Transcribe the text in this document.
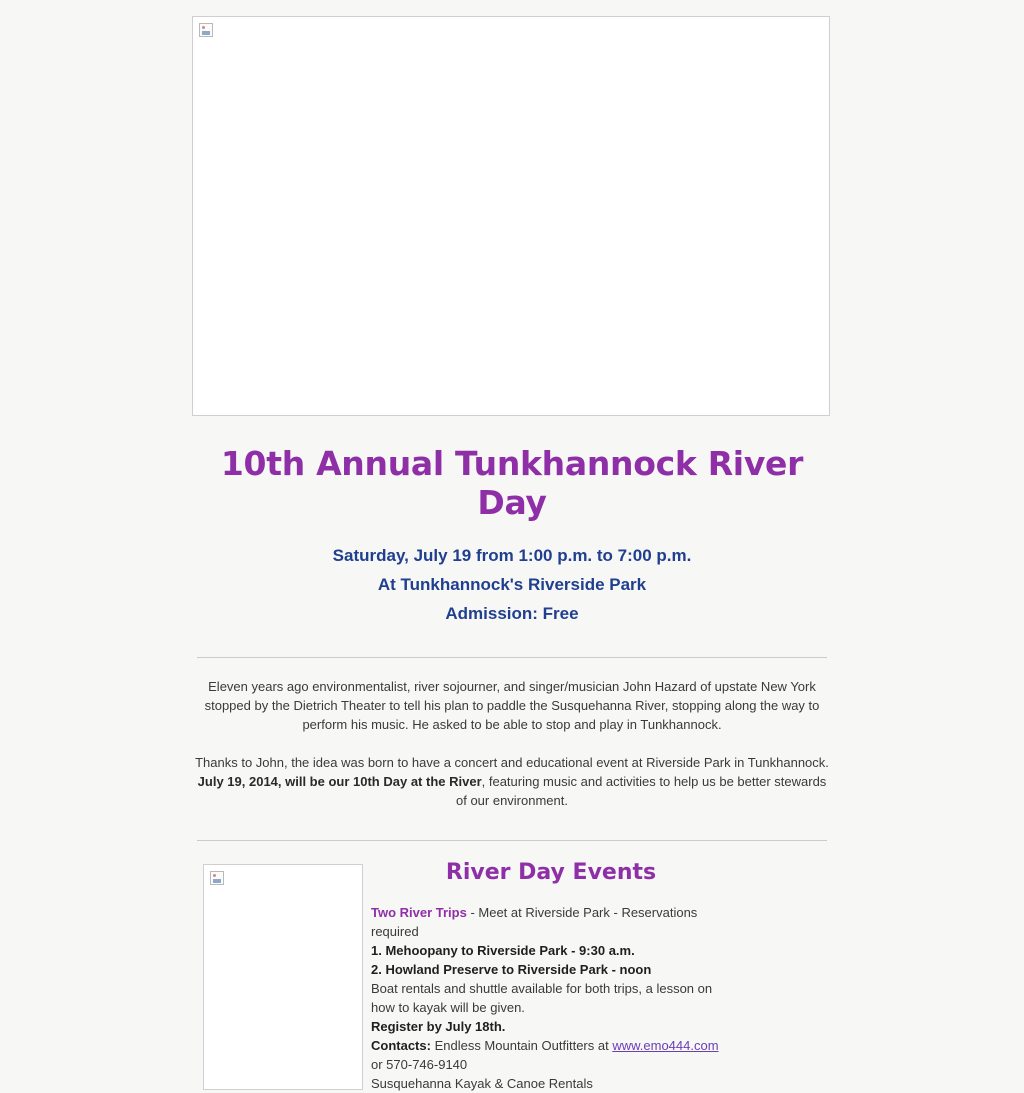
10th Annual Tunkhannock River Day
Saturday, July 19 from 1:00 p.m. to 7:00 p.m.
At Tunkhannock's Riverside Park
Admission: Free
Eleven years ago environmentalist, river sojourner, and singer/musician John Hazard of upstate New York stopped by the Dietrich Theater to tell his plan to paddle the Susquehanna River, stopping along the way to perform his music. He asked to be able to stop and play in Tunkhannock.
Thanks to John, the idea was born to have a concert and educational event at Riverside Park in Tunkhannock. July 19, 2014, will be our 10th Day at the River, featuring music and activities to help us be better stewards of our environment.
River Day Events
Two River Trips - Meet at Riverside Park - Reservations required

1. Mehoopany to Riverside Park - 9:30 a.m.
2. Howland Preserve to Riverside Park - noon
Boat rentals and shuttle available for both trips, a lesson on how to kayak will be given.

Register by July 18th.
Contacts: Endless Mountain Outfitters at www.emo444.com
or 570-746-9140
Susquehanna Kayak & Canoe Rentals
